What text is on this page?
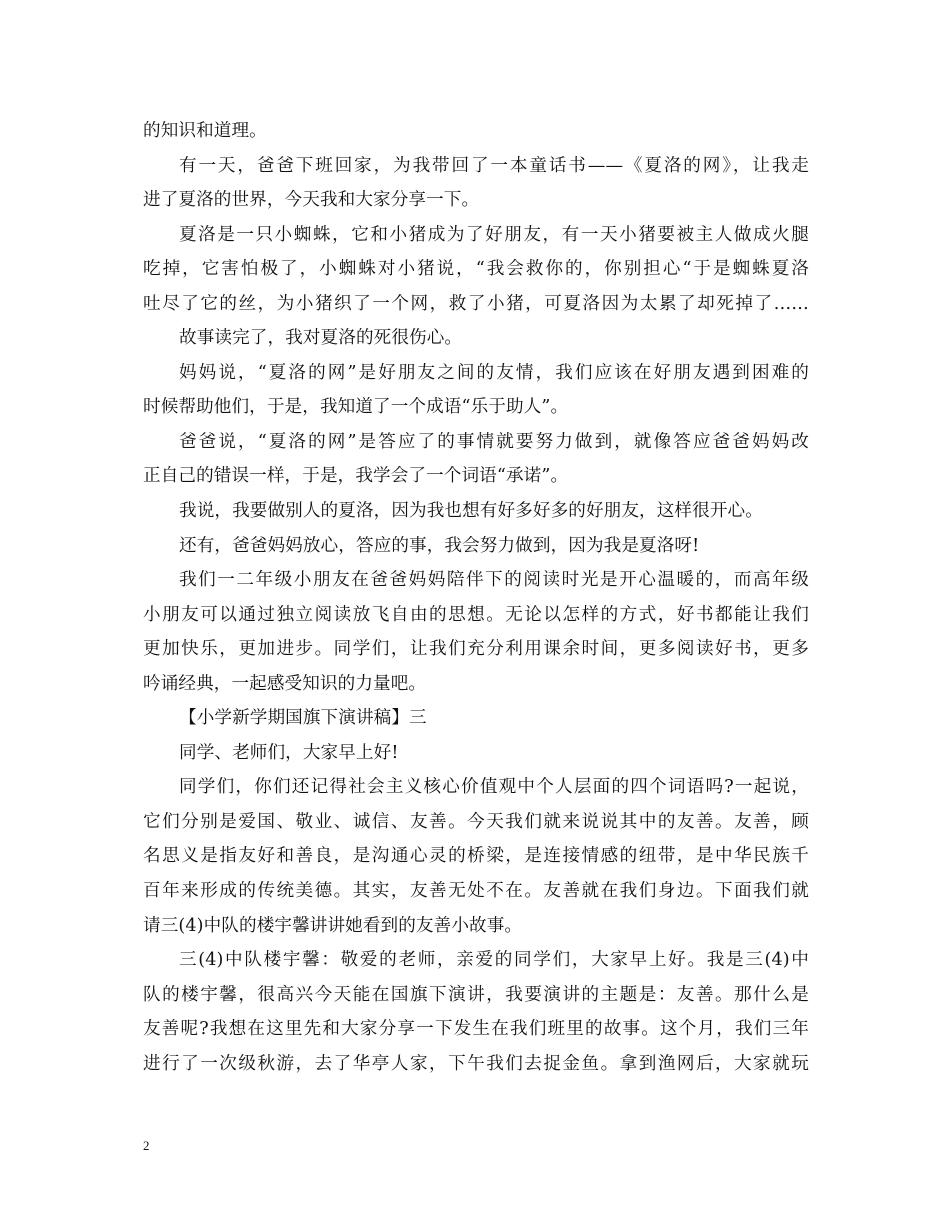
的知识和道理。
有一天，爸爸下班回家，为我带回了一本童话书——《夏洛的网》，让我走
进了夏洛的世界，今天我和大家分享一下。
夏洛是一只小蜘蛛，它和小猪成为了好朋友，有一天小猪要被主人做成火腿
吃掉，它害怕极了，小蜘蛛对小猪说，“我会救你的，你别担心“于是蜘蛛夏洛
吐尽了它的丝，为小猪织了一个网，救了小猪，可夏洛因为太累了却死掉了……
故事读完了，我对夏洛的死很伤心。
妈妈说，“夏洛的网”是好朋友之间的友情，我们应该在好朋友遇到困难的
时候帮助他们，于是，我知道了一个成语“乐于助人”。
爸爸说，“夏洛的网”是答应了的事情就要努力做到，就像答应爸爸妈妈改
正自己的错误一样，于是，我学会了一个词语“承诺”。
我说，我要做别人的夏洛，因为我也想有好多好多的好朋友，这样很开心。
还有，爸爸妈妈放心，答应的事，我会努力做到，因为我是夏洛呀!
我们一二年级小朋友在爸爸妈妈陪伴下的阅读时光是开心温暖的，而高年级
小朋友可以通过独立阅读放飞自由的思想。无论以怎样的方式，好书都能让我们
更加快乐，更加进步。同学们，让我们充分利用课余时间，更多阅读好书，更多
吟诵经典，一起感受知识的力量吧。
【小学新学期国旗下演讲稿】三
同学、老师们，大家早上好!
同学们，你们还记得社会主义核心价值观中个人层面的四个词语吗?一起说，
它们分别是爱国、敬业、诚信、友善。今天我们就来说说其中的友善。友善，顾
名思义是指友好和善良，是沟通心灵的桥梁，是连接情感的纽带，是中华民族千
百年来形成的传统美德。其实，友善无处不在。友善就在我们身边。下面我们就
请三(4)中队的楼宇馨讲讲她看到的友善小故事。
三(4)中队楼宇馨：敬爱的老师，亲爱的同学们，大家早上好。我是三(4)中
队的楼宇馨，很高兴今天能在国旗下演讲，我要演讲的主题是：友善。那什么是
友善呢?我想在这里先和大家分享一下发生在我们班里的故事。这个月，我们三年
进行了一次级秋游，去了华亭人家，下午我们去捉金鱼。拿到渔网后，大家就玩
2
